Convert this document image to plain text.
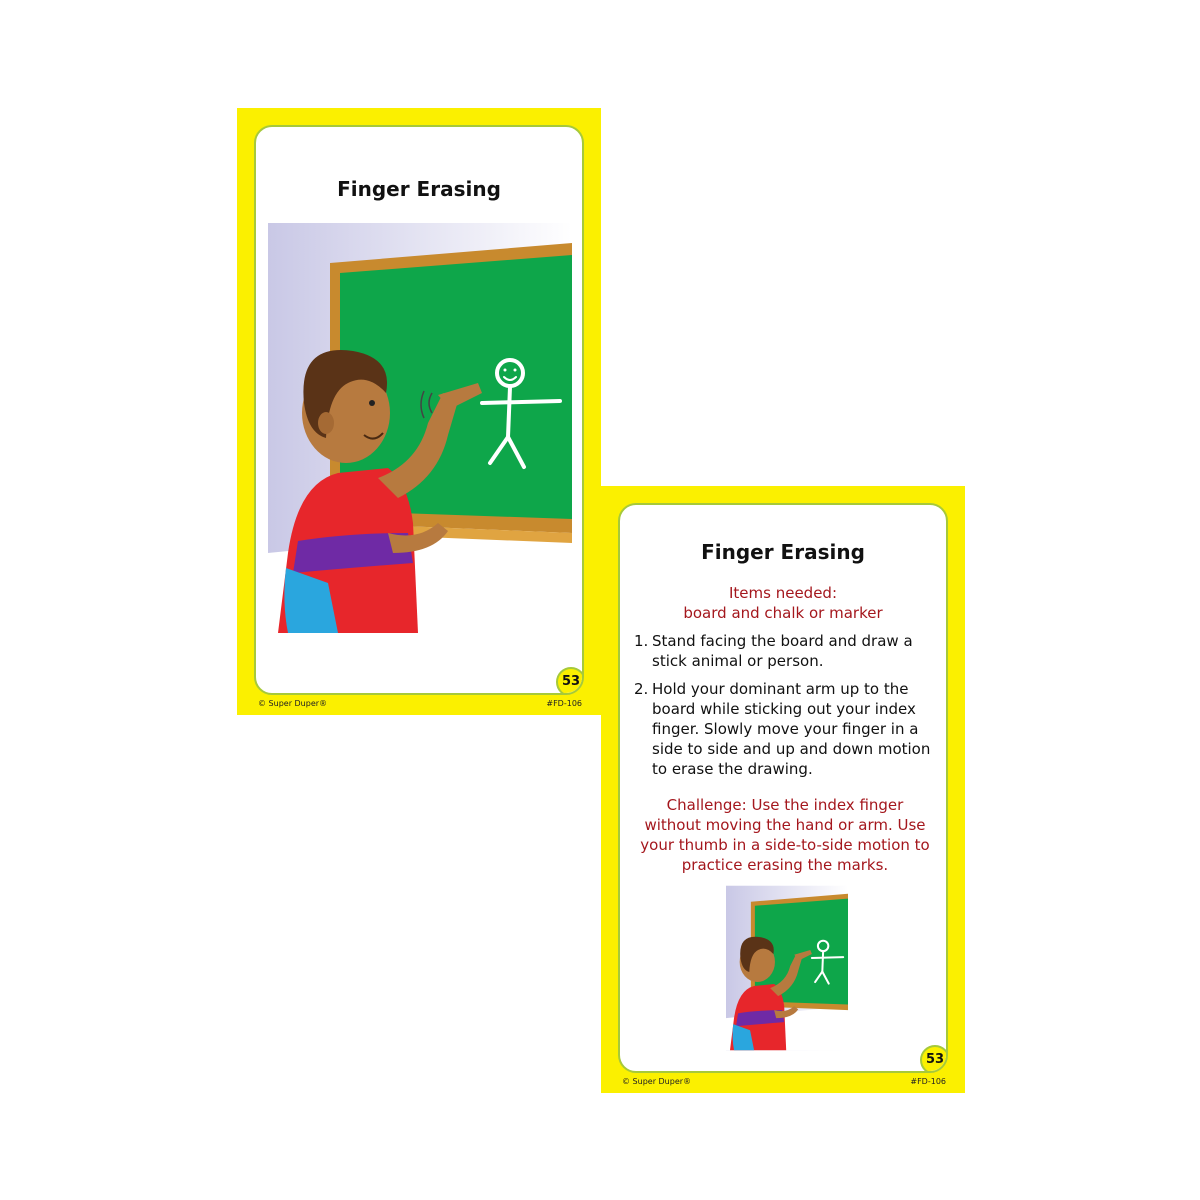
Finger Erasing
53
© Super Duper®	#FD-106
Finger Erasing
Items needed:
board and chalk or marker
1. Stand facing the board and draw a stick animal or person.
2. Hold your dominant arm up to the board while sticking out your index finger. Slowly move your finger in a side to side and up and down motion to erase the drawing.
Challenge: Use the index finger without moving the hand or arm. Use your thumb in a side-to-side motion to practice erasing the marks.
53
© Super Duper®	#FD-106
